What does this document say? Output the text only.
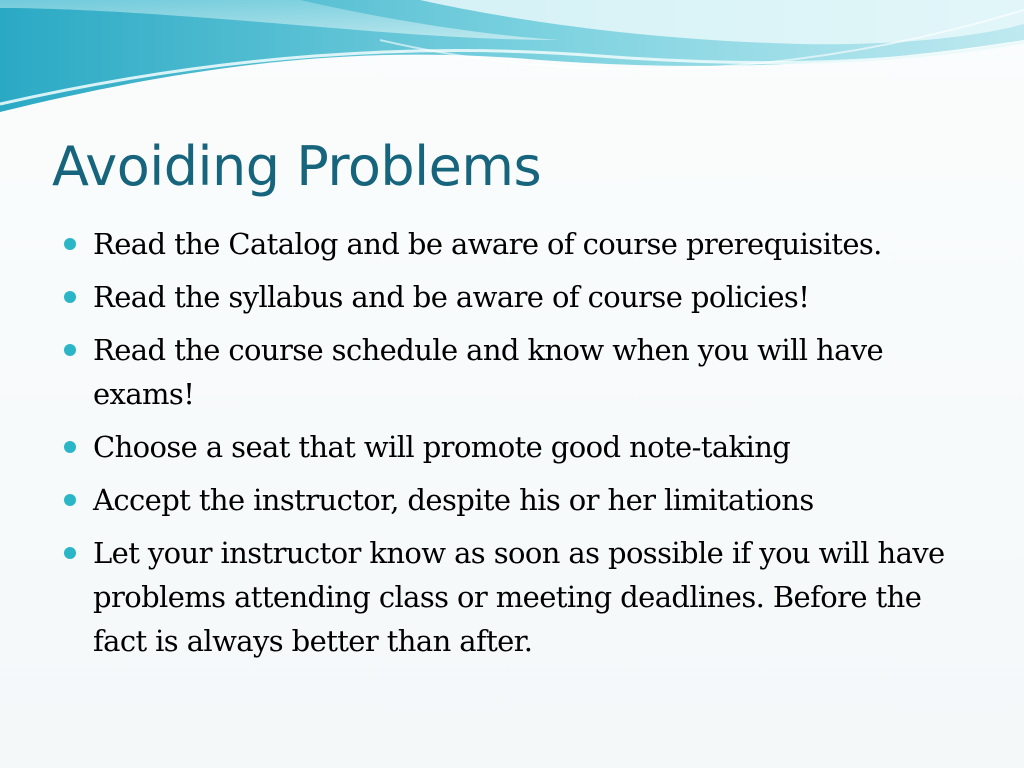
Avoiding Problems
Read the Catalog and be aware of course prerequisites.
Read the syllabus and be aware of course policies!
Read the course schedule and know when you will have exams!
Choose a seat that will promote good note-taking
Accept the instructor, despite his or her limitations
Let your instructor know as soon as possible if you will have problems attending class or meeting deadlines. Before the fact is always better than after.
